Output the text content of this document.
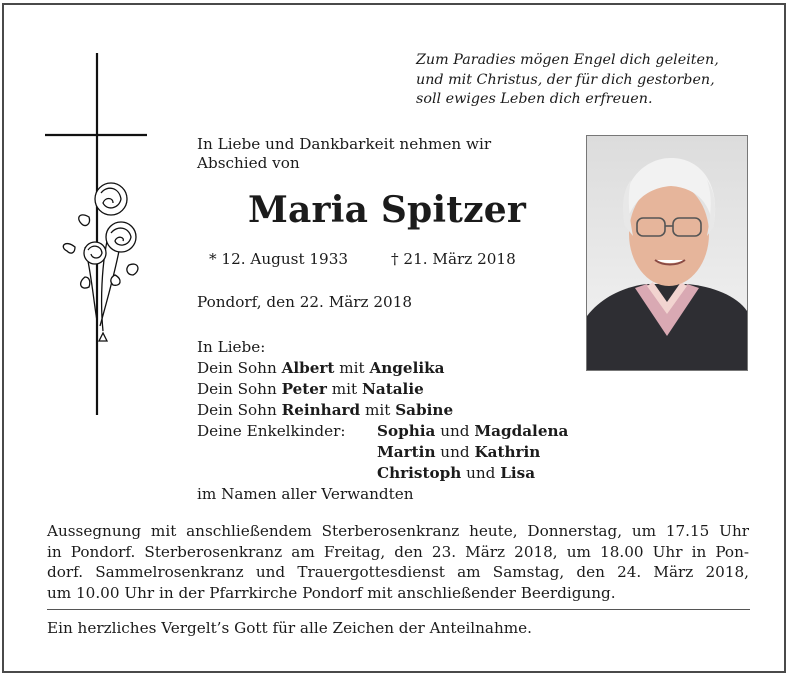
Zum Paradies mögen Engel dich geleiten,
und mit Christus, der für dich gestorben,
soll ewiges Leben dich erfreuen.
In Liebe und Dankbarkeit nehmen wir
Abschied von
Maria Spitzer
* 12. August 1933	† 21. März 2018
Pondorf, den 22. März 2018
In Liebe:
Dein Sohn Albert mit Angelika
Dein Sohn Peter mit Natalie
Dein Sohn Reinhard mit Sabine
Deine Enkelkinder: Sophia und Magdalena
Martin und Kathrin
Christoph und Lisa
im Namen aller Verwandten
Aussegnung mit anschließendem Sterberosenkranz heute, Donnerstag, um 17.15 Uhr
in Pondorf. Sterberosenkranz am Freitag, den 23. März 2018, um 18.00 Uhr in Pon-
dorf. Sammelrosenkranz und Trauergottesdienst am Samstag, den 24. März 2018,
um 10.00 Uhr in der Pfarrkirche Pondorf mit anschließender Beerdigung.
Ein herzliches Vergelt’s Gott für alle Zeichen der Anteilnahme.
